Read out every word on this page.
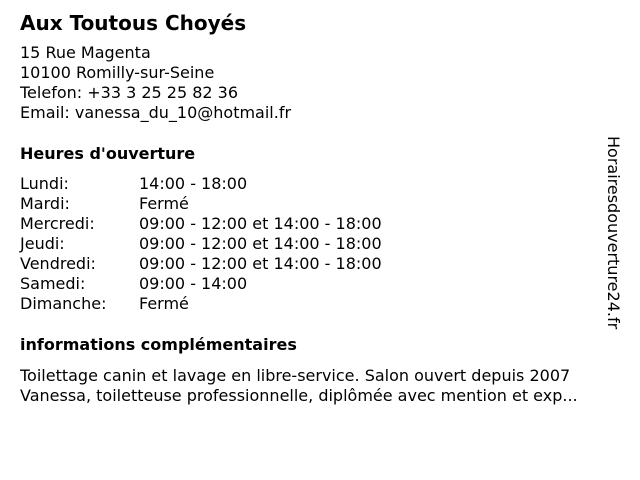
Aux Toutous Choyés
15 Rue Magenta
10100 Romilly-sur-Seine
Telefon: +33 3 25 25 82 36
Email: vanessa_du_10@hotmail.fr
Heures d'ouverture
Lundi:	14:00 - 18:00
Mardi:	Fermé
Mercredi:	09:00 - 12:00 et 14:00 - 18:00
Jeudi:	09:00 - 12:00 et 14:00 - 18:00
Vendredi:	09:00 - 12:00 et 14:00 - 18:00
Samedi:	09:00 - 14:00
Dimanche:	Fermé
informations complémentaires
Toilettage canin et lavage en libre-service. Salon ouvert depuis 2007
Vanessa, toiletteuse professionnelle, diplômée avec mention et exp...
Horairesdouverture24.fr
